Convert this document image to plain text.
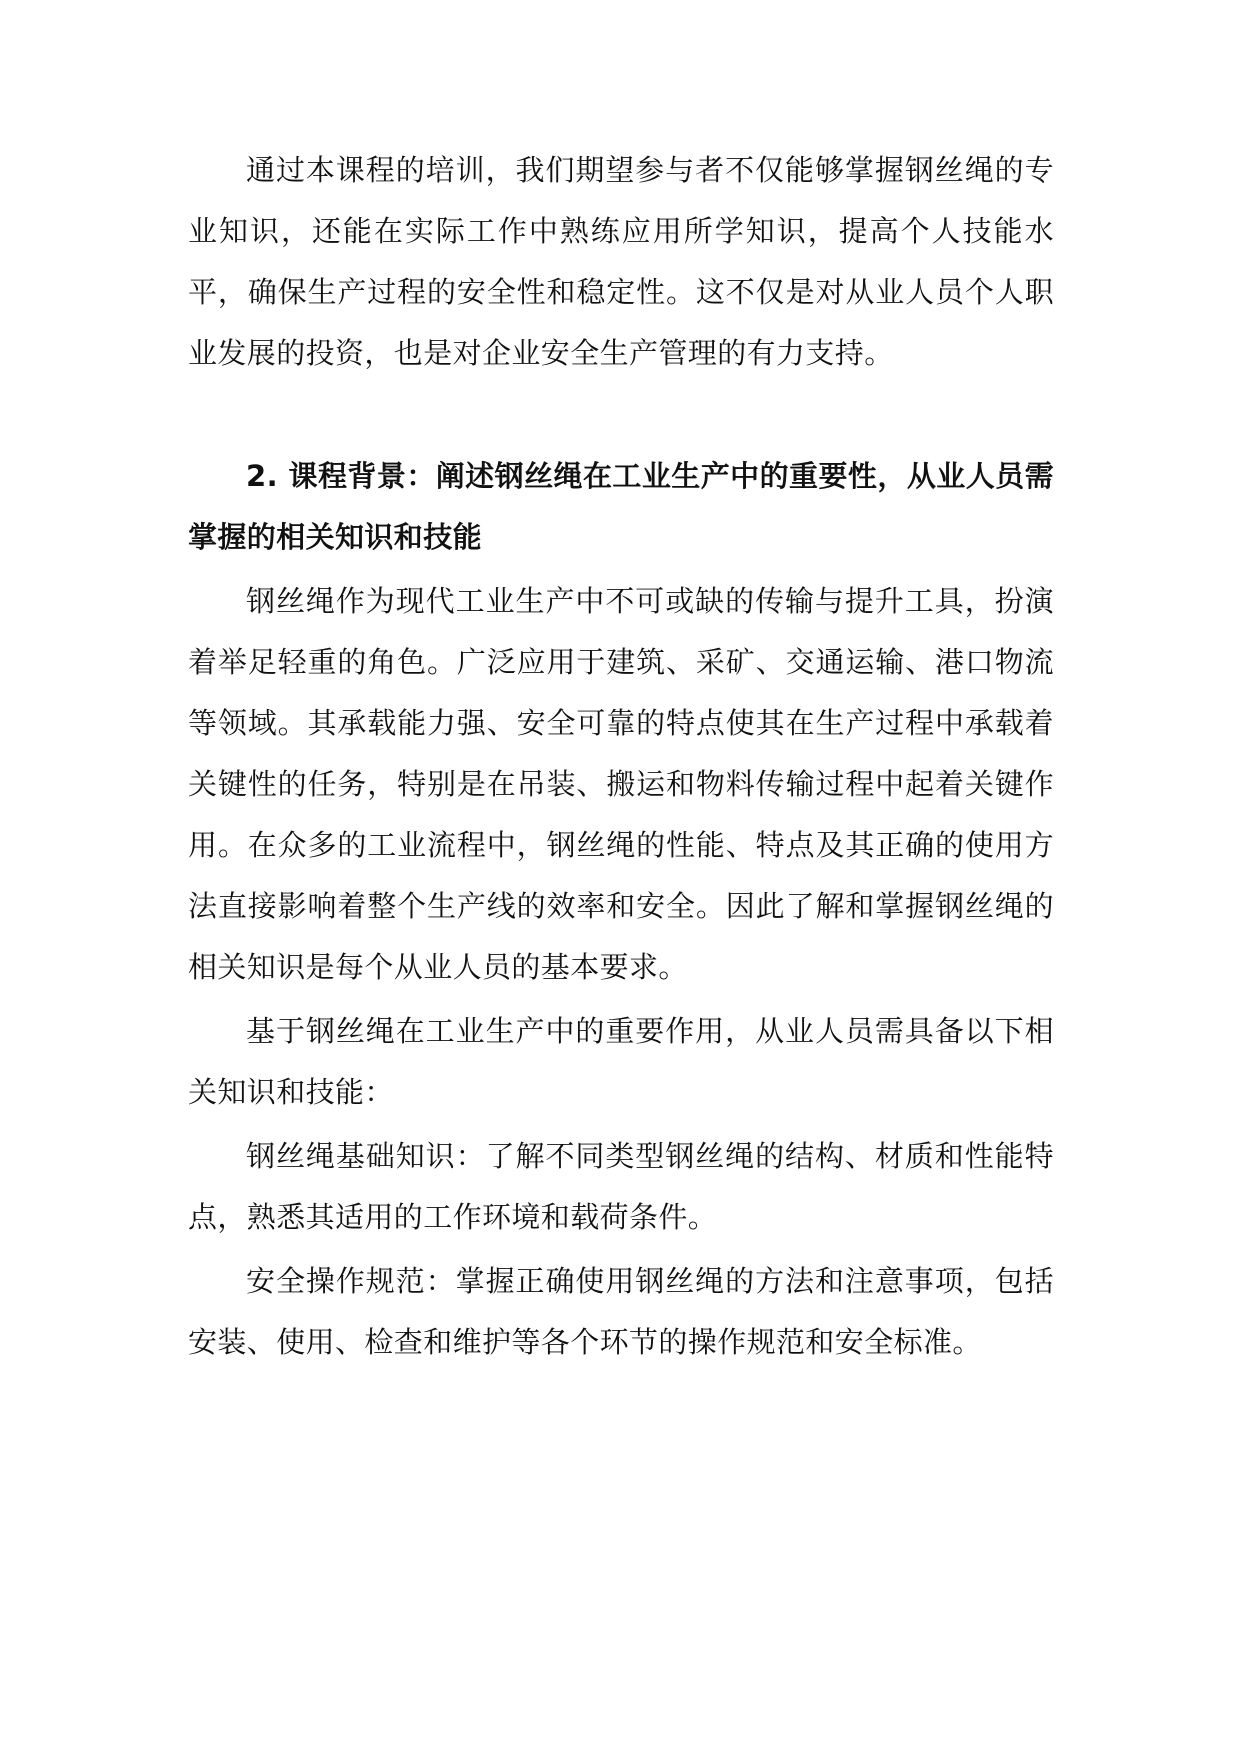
通过本课程的培训，我们期望参与者不仅能够掌握钢丝绳的专业知识，还能在实际工作中熟练应用所学知识，提高个人技能水平，确保生产过程的安全性和稳定性。这不仅是对从业人员个人职业发展的投资，也是对企业安全生产管理的有力支持。

2. 课程背景：阐述钢丝绳在工业生产中的重要性，从业人员需掌握的相关知识和技能

钢丝绳作为现代工业生产中不可或缺的传输与提升工具，扮演着举足轻重的角色。广泛应用于建筑、采矿、交通运输、港口物流等领域。其承载能力强、安全可靠的特点使其在生产过程中承载着关键性的任务，特别是在吊装、搬运和物料传输过程中起着关键作用。在众多的工业流程中，钢丝绳的性能、特点及其正确的使用方法直接影响着整个生产线的效率和安全。因此了解和掌握钢丝绳的相关知识是每个从业人员的基本要求。

基于钢丝绳在工业生产中的重要作用，从业人员需具备以下相关知识和技能：

钢丝绳基础知识：了解不同类型钢丝绳的结构、材质和性能特点，熟悉其适用的工作环境和载荷条件。

安全操作规范：掌握正确使用钢丝绳的方法和注意事项，包括安装、使用、检查和维护等各个环节的操作规范和安全标准。
